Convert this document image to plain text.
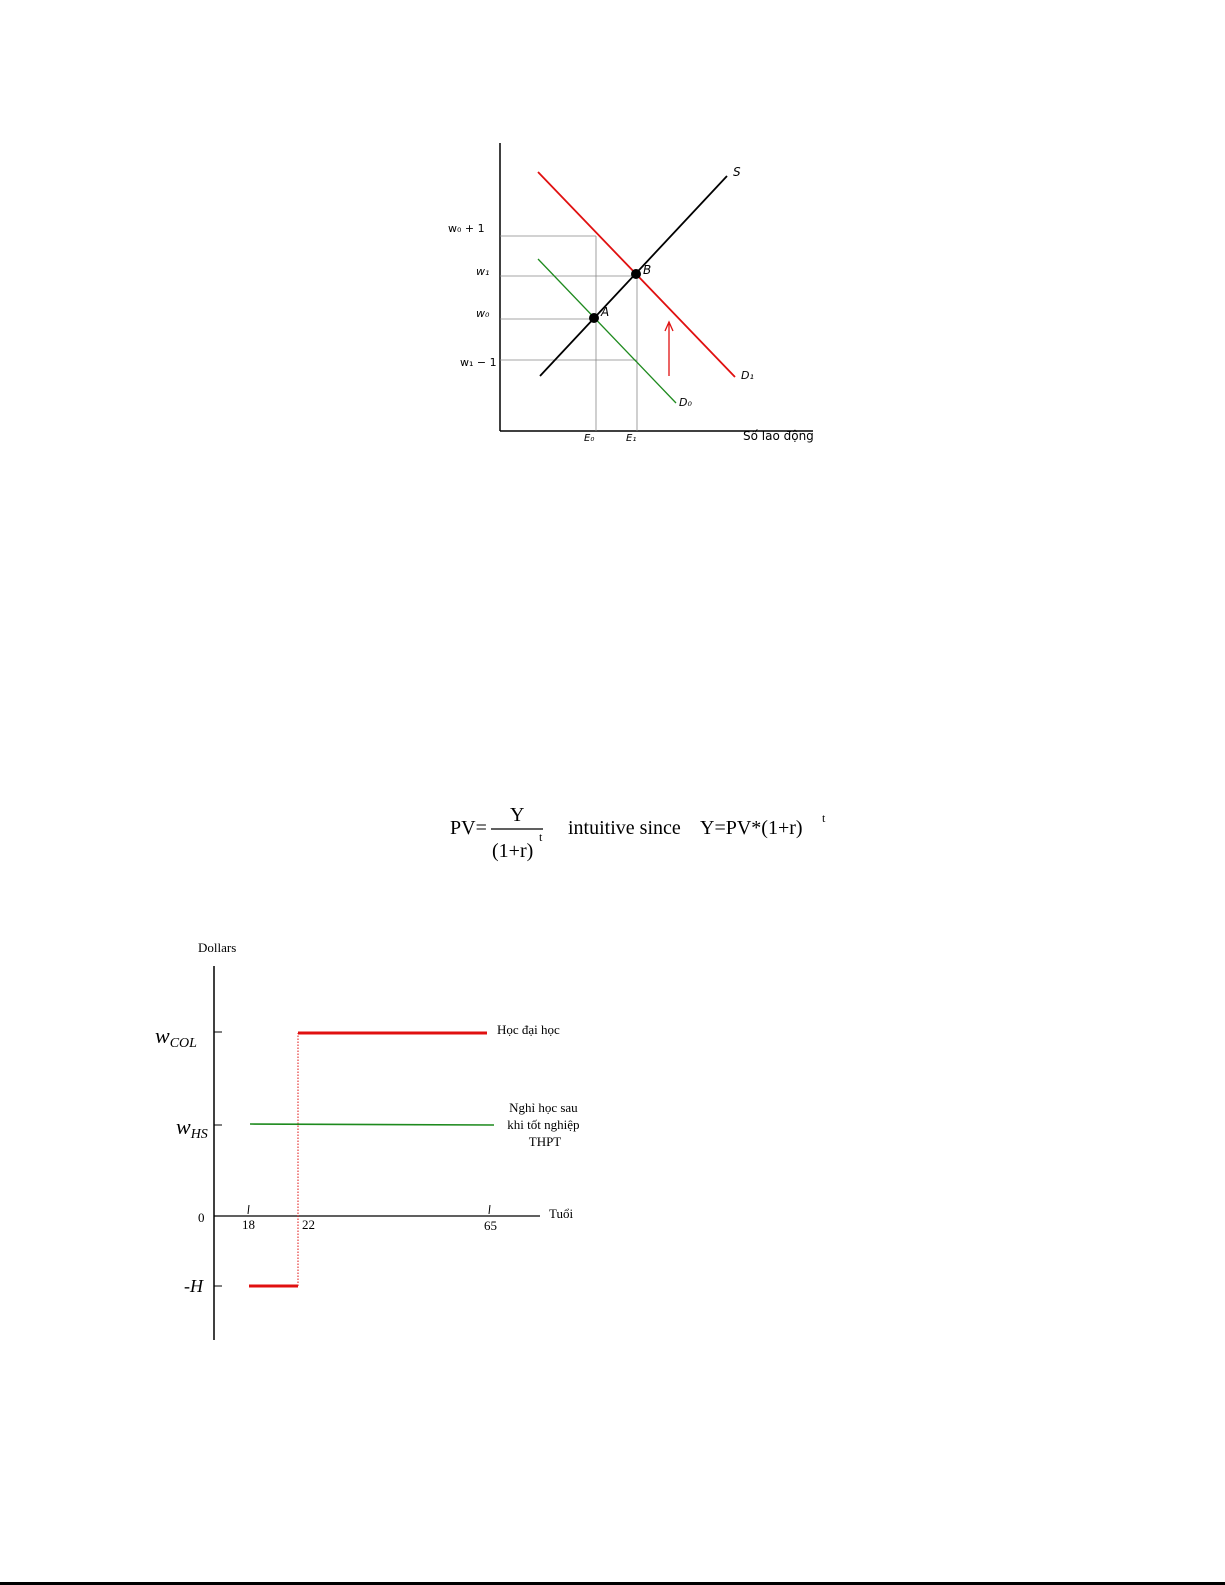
w₀ + 1
w₁
w₀
w₁ − 1
S
D₁
D₀
A
B
E₀	E₁	Số lao động
PV=
Y
(1+r)
t intuitive since Y=PV*(1+r) t
Dollars
wCOL
wHS
0
-H
18	22	65
Tuổi
Học đại học
Nghỉ học sau khi tốt nghiệp THPT
